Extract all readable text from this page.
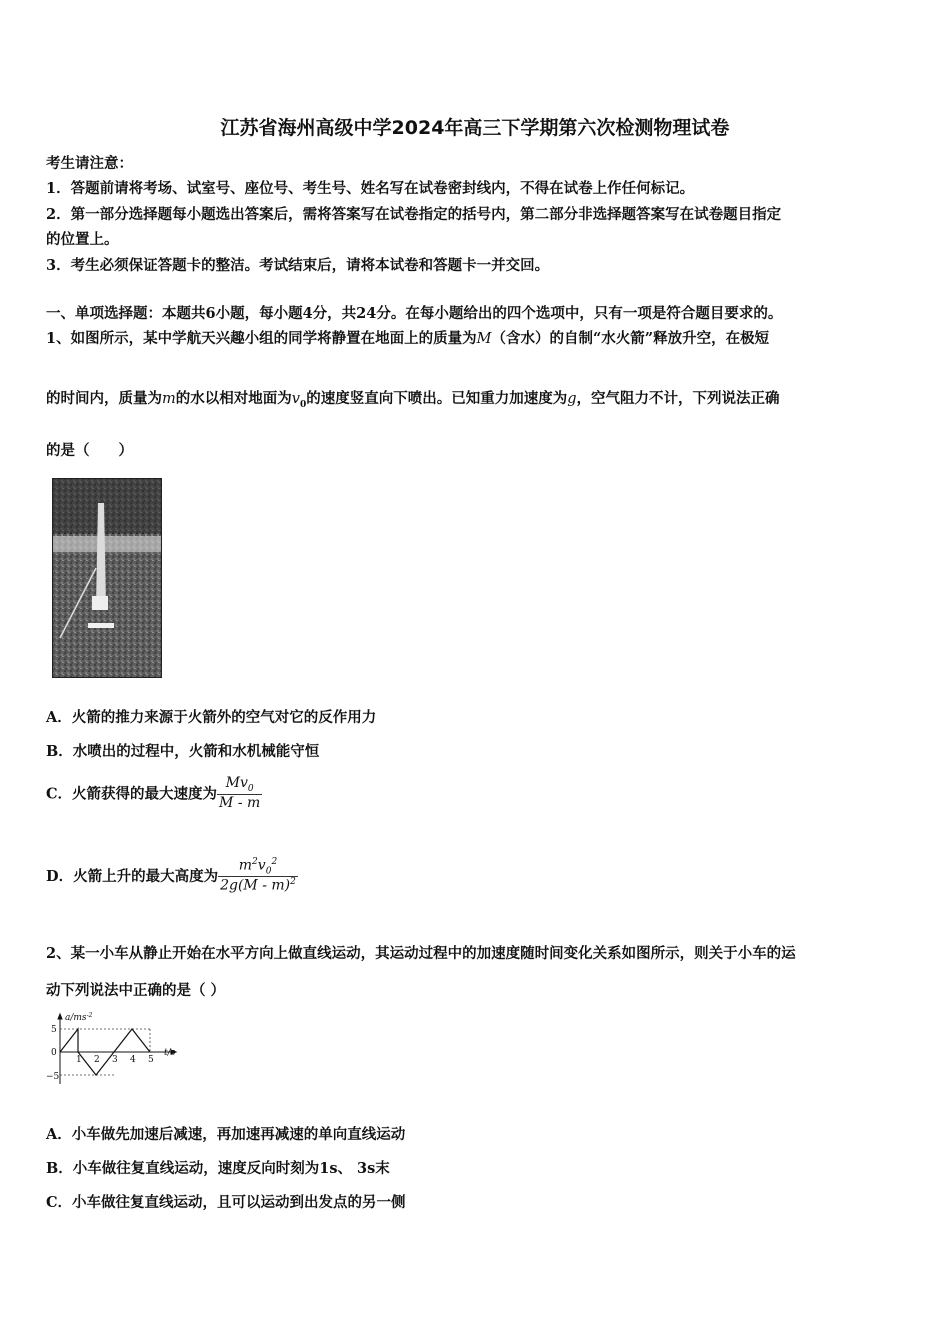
江苏省海州高级中学2024年高三下学期第六次检测物理试卷
考生请注意：
1．答题前请将考场、试室号、座位号、考生号、姓名写在试卷密封线内，不得在试卷上作任何标记。
2．第一部分选择题每小题选出答案后，需将答案写在试卷指定的括号内，第二部分非选择题答案写在试卷题目指定
的位置上。
3．考生必须保证答题卡的整洁。考试结束后，请将本试卷和答题卡一并交回。
一、单项选择题：本题共6小题，每小题4分，共24分。在每小题给出的四个选项中，只有一项是符合题目要求的。
1、如图所示，某中学航天兴趣小组的同学将静置在地面上的质量为M（含水）的自制“水火箭”释放升空，在极短
的时间内，质量为m的水以相对地面为$v_0$的速度竖直向下喷出。已知重力加速度为g，空气阻力不计，下列说法正确
的是（　　）
A．火箭的推力来源于火箭外的空气对它的反作用力
B．水喷出的过程中，火箭和水机械能守恒
C．火箭获得的最大速度为 $\frac{Mv_0}{M - m}$
D．火箭上升的最大高度为 $\frac{m^2v_0^2}{2g(M - m)^2}$
2、某一小车从静止开始在水平方向上做直线运动，其运动过程中的加速度随时间变化关系如图所示，则关于小车的运
动下列说法中正确的是（ ）
$a/ms^{-2}$
t/s
5
0
−5
1 2 3 4 5
A．小车做先加速后减速，再加速再减速的单向直线运动
B．小车做往复直线运动，速度反向时刻为1s、 3s末
C．小车做往复直线运动，且可以运动到出发点的另一侧
